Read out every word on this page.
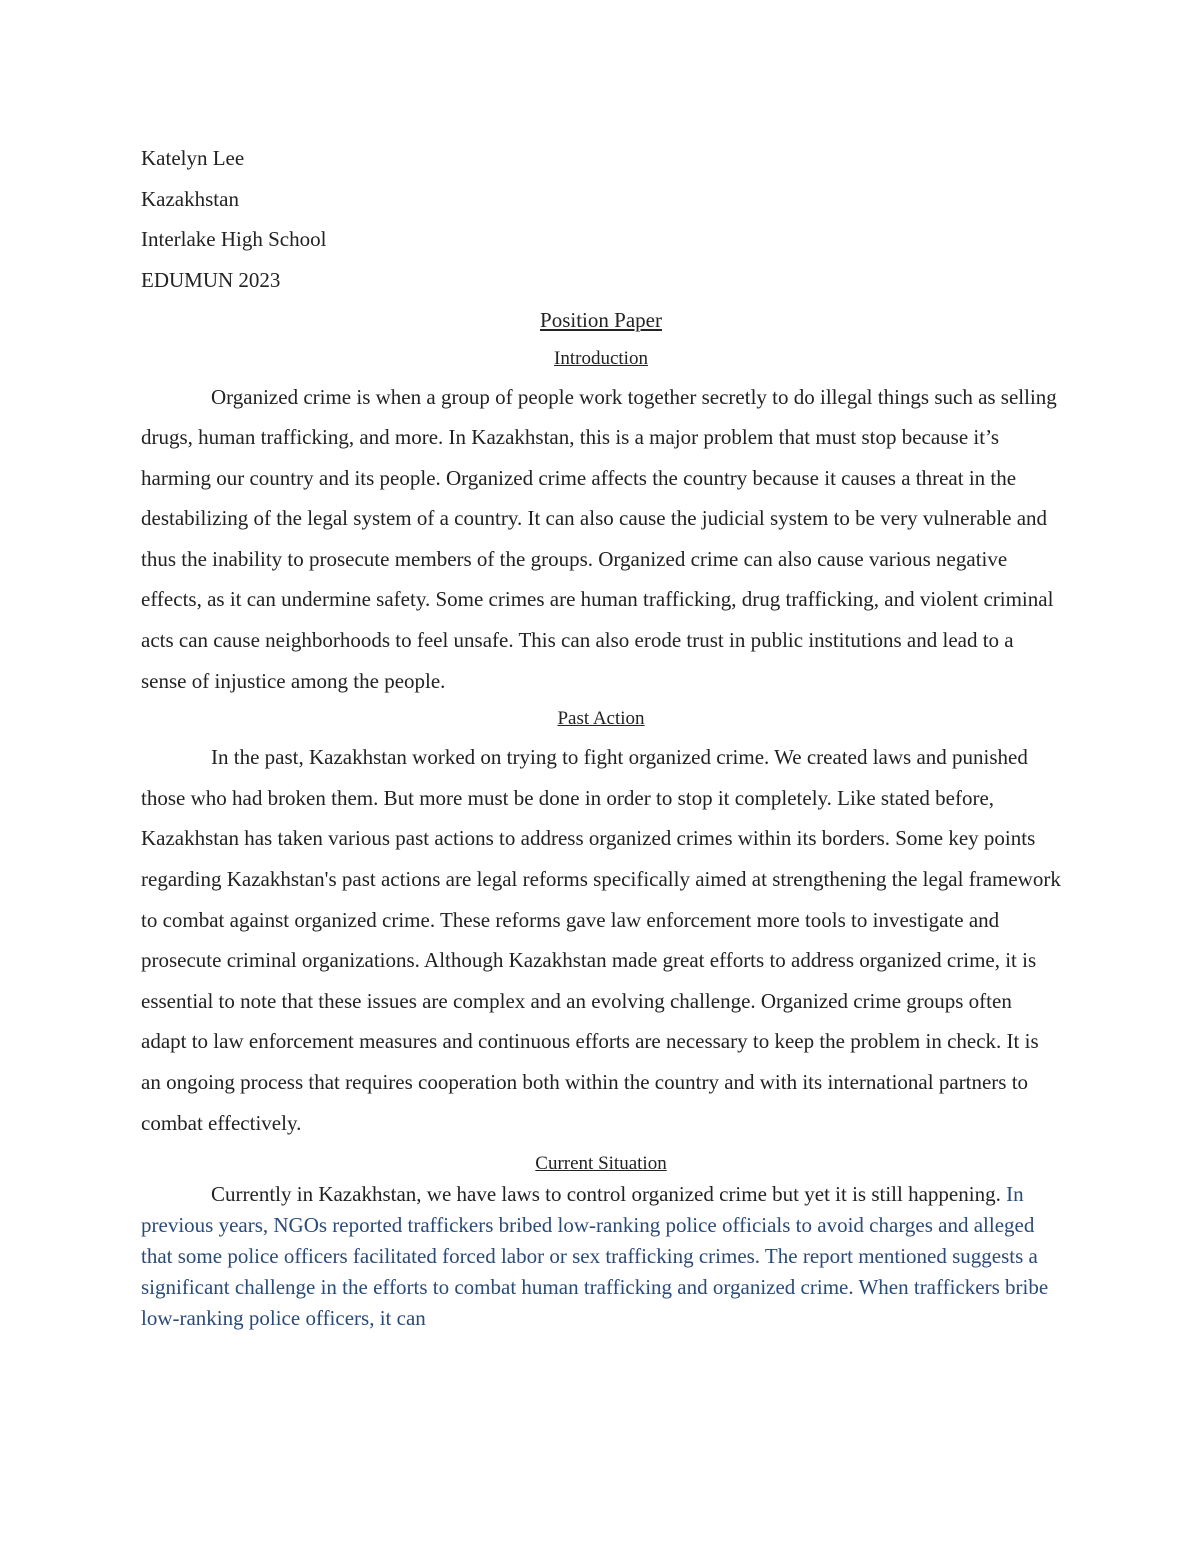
Katelyn Lee

Kazakhstan

Interlake High School

EDUMUN 2023

Position Paper

Introduction

Organized crime is when a group of people work together secretly to do illegal things such as selling drugs, human trafficking, and more. In Kazakhstan, this is a major problem that must stop because it’s harming our country and its people. Organized crime affects the country because it causes a threat in the destabilizing of the legal system of a country. It can also cause the judicial system to be very vulnerable and thus the inability to prosecute members of the groups. Organized crime can also cause various negative effects, as it can undermine safety. Some crimes are human trafficking, drug trafficking, and violent criminal acts can cause neighborhoods to feel unsafe. This can also erode trust in public institutions and lead to a sense of injustice among the people.

Past Action

In the past, Kazakhstan worked on trying to fight organized crime. We created laws and punished those who had broken them. But more must be done in order to stop it completely. Like stated before, Kazakhstan has taken various past actions to address organized crimes within its borders. Some key points regarding Kazakhstan's past actions are legal reforms specifically aimed at strengthening the legal framework to combat against organized crime. These reforms gave law enforcement more tools to investigate and prosecute criminal organizations. Although Kazakhstan made great efforts to address organized crime, it is essential to note that these issues are complex and an evolving challenge. Organized crime groups often adapt to law enforcement measures and continuous efforts are necessary to keep the problem in check. It is an ongoing process that requires cooperation both within the country and with its international partners to combat effectively.

Current Situation

Currently in Kazakhstan, we have laws to control organized crime but yet it is still happening. In previous years, NGOs reported traffickers bribed low-ranking police officials to avoid charges and alleged that some police officers facilitated forced labor or sex trafficking crimes. The report mentioned suggests a significant challenge in the efforts to combat human trafficking and organized crime. When traffickers bribe low-ranking police officers, it can
